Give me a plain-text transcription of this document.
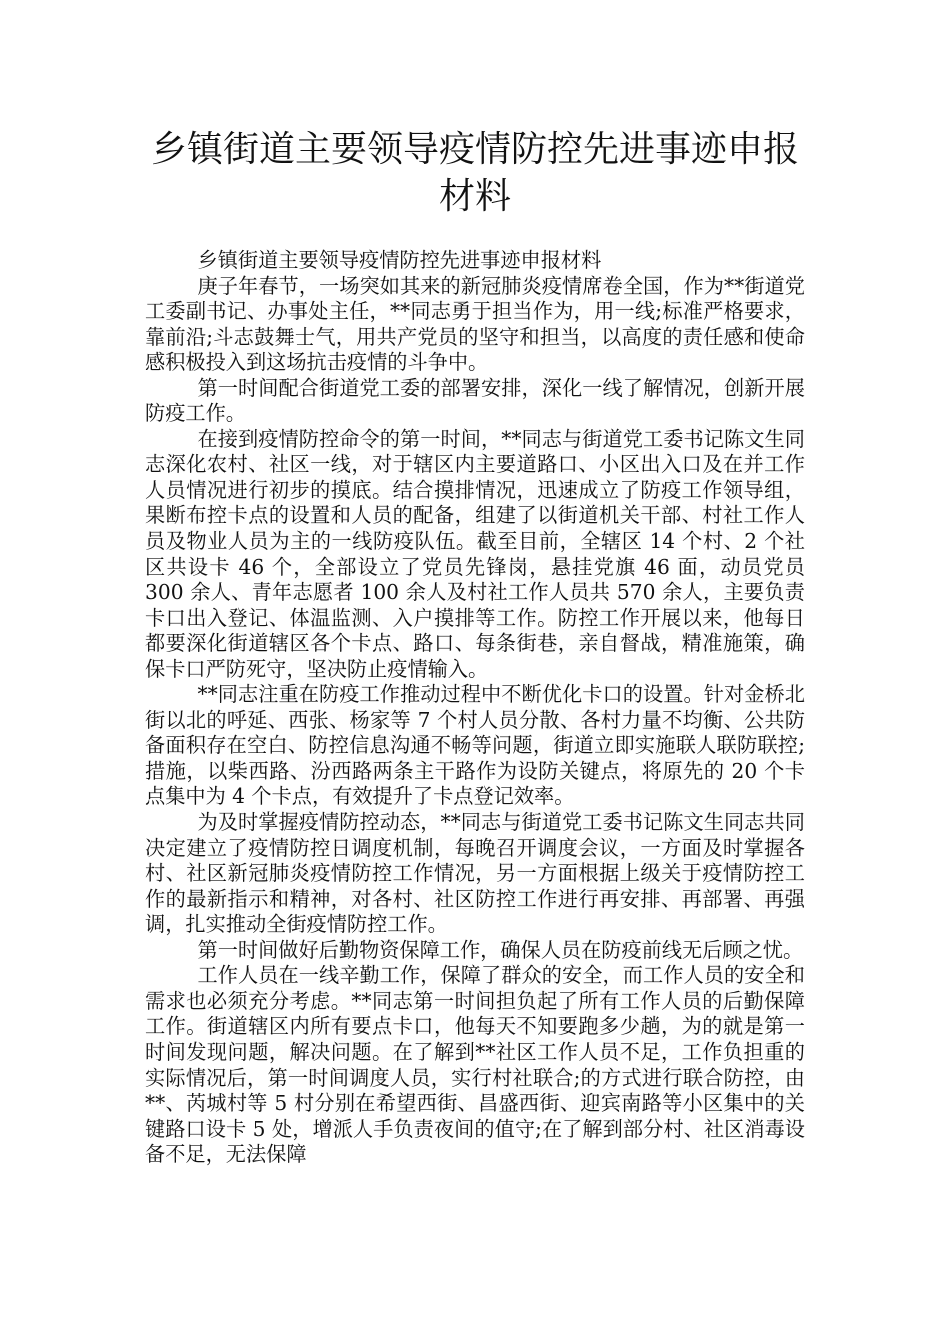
乡镇街道主要领导疫情防控先进事迹申报材料

乡镇街道主要领导疫情防控先进事迹申报材料

庚子年春节，一场突如其来的新冠肺炎疫情席卷全国，作为**街道党工委副书记、办事处主任，**同志勇于担当作为，用一线;标准严格要求，靠前沿;斗志鼓舞士气，用共产党员的坚守和担当，以高度的责任感和使命感积极投入到这场抗击疫情的斗争中。

第一时间配合街道党工委的部署安排，深化一线了解情况，创新开展防疫工作。

在接到疫情防控命令的第一时间，**同志与街道党工委书记陈文生同志深化农村、社区一线，对于辖区内主要道路口、小区出入口及在并工作人员情况进行初步的摸底。结合摸排情况，迅速成立了防疫工作领导组，果断布控卡点的设置和人员的配备，组建了以街道机关干部、村社工作人员及物业人员为主的一线防疫队伍。截至目前，全辖区 14 个村、2 个社区共设卡 46 个，全部设立了党员先锋岗，悬挂党旗 46 面，动员党员 300 余人、青年志愿者 100 余人及村社工作人员共 570 余人，主要负责卡口出入登记、体温监测、入户摸排等工作。防控工作开展以来，他每日都要深化街道辖区各个卡点、路口、每条街巷，亲自督战，精准施策，确保卡口严防死守，坚决防止疫情输入。

**同志注重在防疫工作推动过程中不断优化卡口的设置。针对金桥北街以北的呼延、西张、杨家等 7 个村人员分散、各村力量不均衡、公共防备面积存在空白、防控信息沟通不畅等问题，街道立即实施联人联防联控;措施，以柴西路、汾西路两条主干路作为设防关键点，将原先的 20 个卡点集中为 4 个卡点，有效提升了卡点登记效率。

为及时掌握疫情防控动态，**同志与街道党工委书记陈文生同志共同决定建立了疫情防控日调度机制，每晚召开调度会议，一方面及时掌握各村、社区新冠肺炎疫情防控工作情况，另一方面根据上级关于疫情防控工作的最新指示和精神，对各村、社区防控工作进行再安排、再部署、再强调，扎实推动全街疫情防控工作。

第一时间做好后勤物资保障工作，确保人员在防疫前线无后顾之忧。

工作人员在一线辛勤工作，保障了群众的安全，而工作人员的安全和需求也必须充分考虑。**同志第一时间担负起了所有工作人员的后勤保障工作。街道辖区内所有要点卡口，他每天不知要跑多少趟，为的就是第一时间发现问题，解决问题。在了解到**社区工作人员不足，工作负担重的实际情况后，第一时间调度人员，实行村社联合;的方式进行联合防控，由**、芮城村等 5 村分别在希望西街、昌盛西街、迎宾南路等小区集中的关键路口设卡 5 处，增派人手负责夜间的值守;在了解到部分村、社区消毒设备不足，无法保障
